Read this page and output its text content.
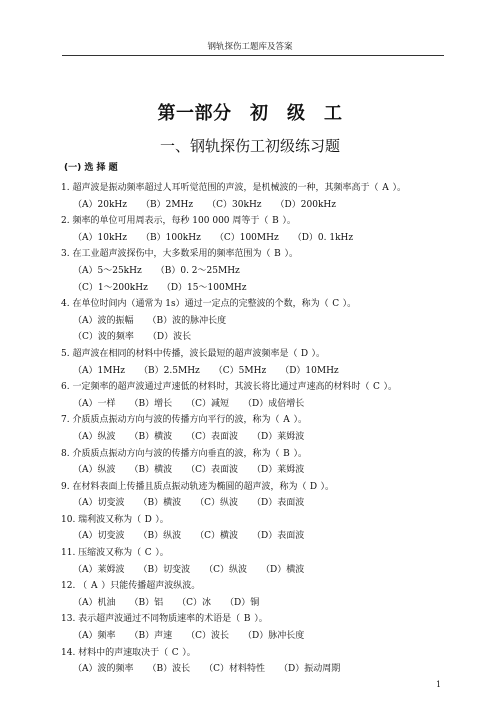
钢轨探伤工题库及答案
第一部分　初　级　工
一、钢轨探伤工初级练习题
(一) 选 择 题
1. 超声波是振动频率超过人耳听觉范围的声波，是机械波的一种，其频率高于（ A ）。
（A）20kHz （B）2MHz （C）30kHz （D）200kHz
2. 频率的单位可用周表示，每秒 100 000 周等于（ B ）。
（A）10kHz （B）100kHz （C）100MHz （D）0. 1kHz
3. 在工业超声波探伤中，大多数采用的频率范围为（ B ）。
（A）5～25kHz （B）0. 2～25MHz
（C）1～200kHz （D）15～100MHz
4. 在单位时间内（通常为 1s）通过一定点的完整波的个数，称为（ C ）。
（A）波的振幅 （B）波的脉冲长度
（C）波的频率 （D）波长
5. 超声波在相同的材料中传播，波长最短的超声波频率是（ D ）。
（A）1MHz （B）2.5MHz （C）5MHz （D）10MHz
6. 一定频率的超声波通过声速低的材料时，其波长将比通过声速高的材料时（ C ）。
（A）一样 （B）增长 （C）减短 （D）成倍增长
7. 介质质点振动方向与波的传播方向平行的波，称为（ A ）。
（A）纵波 （B）横波 （C）表面波 （D）莱姆波
8. 介质质点振动方向与波的传播方向垂直的波，称为（ B ）。
（A）纵波 （B）横波 （C）表面波 （D）莱姆波
9. 在材料表面上传播且质点振动轨迹为椭圆的超声波，称为（ D ）。
（A）切变波 （B）横波 （C）纵波 （D）表面波
10. 瑞利波又称为（ D ）。
（A）切变波 （B）纵波 （C）横波 （D）表面波
11. 压缩波又称为（ C ）。
（A）莱姆波 （B）切变波 （C）纵波 （D）横波
12. （ A ）只能传播超声波纵波。
（A）机油 （B）铝 （C）冰 （D）铜
13. 表示超声波通过不同物质速率的术语是（ B ）。
（A）频率 （B）声速 （C）波长 （D）脉冲长度
14. 材料中的声速取决于（ C ）。
（A）波的频率 （B）波长 （C）材料特性 （D）振动周期
1
